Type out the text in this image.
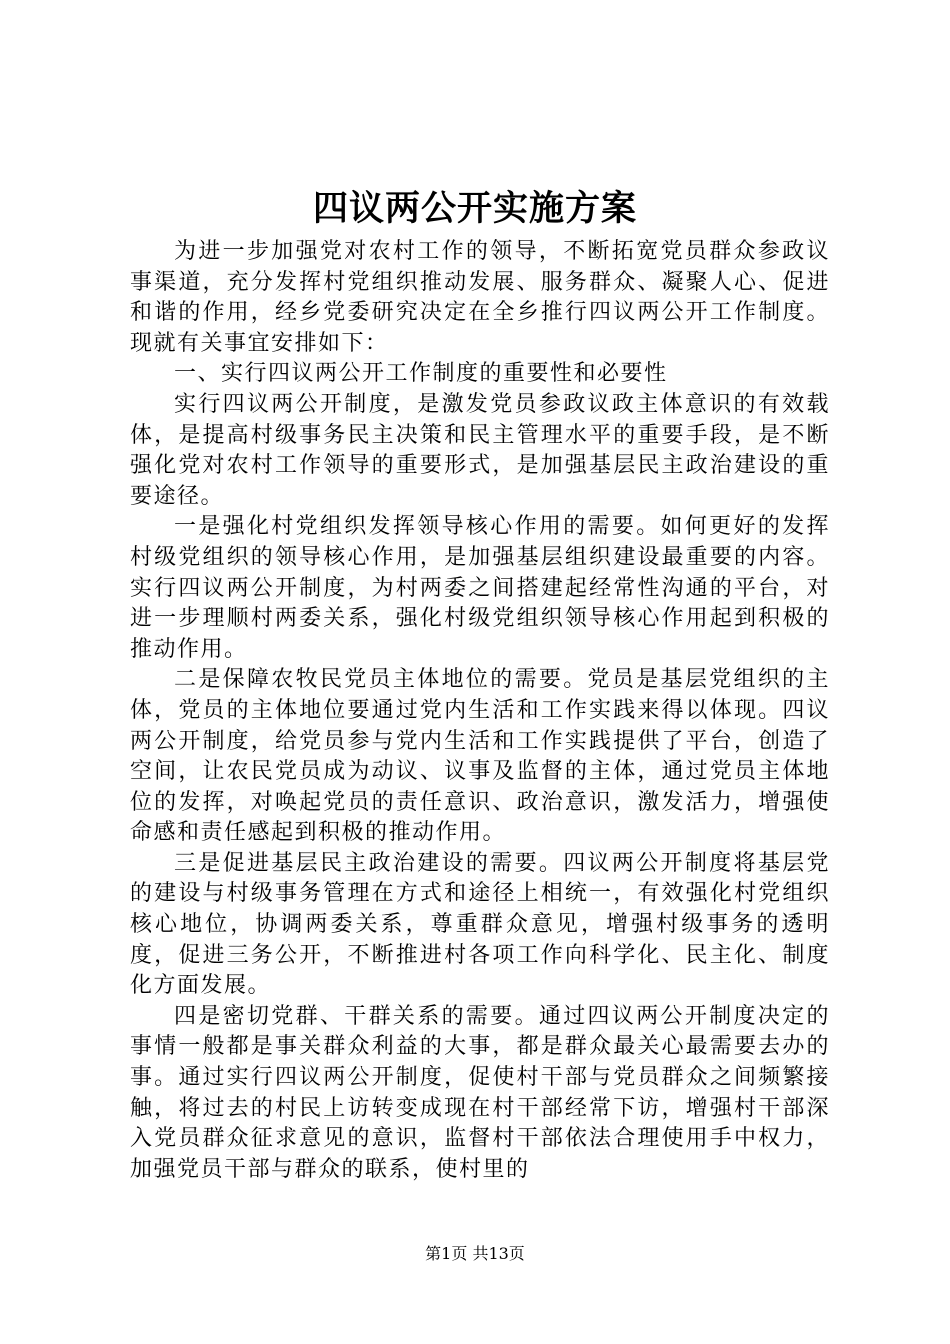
四议两公开实施方案

为进一步加强党对农村工作的领导，不断拓宽党员群众参政议事渠道，充分发挥村党组织推动发展、服务群众、凝聚人心、促进和谐的作用，经乡党委研究决定在全乡推行四议两公开工作制度。现就有关事宜安排如下：

一、实行四议两公开工作制度的重要性和必要性

实行四议两公开制度，是激发党员参政议政主体意识的有效载体，是提高村级事务民主决策和民主管理水平的重要手段，是不断强化党对农村工作领导的重要形式，是加强基层民主政治建设的重要途径。

一是强化村党组织发挥领导核心作用的需要。如何更好的发挥村级党组织的领导核心作用，是加强基层组织建设最重要的内容。实行四议两公开制度，为村两委之间搭建起经常性沟通的平台，对进一步理顺村两委关系，强化村级党组织领导核心作用起到积极的推动作用。

二是保障农牧民党员主体地位的需要。党员是基层党组织的主体，党员的主体地位要通过党内生活和工作实践来得以体现。四议两公开制度，给党员参与党内生活和工作实践提供了平台，创造了空间，让农民党员成为动议、议事及监督的主体，通过党员主体地位的发挥，对唤起党员的责任意识、政治意识，激发活力，增强使命感和责任感起到积极的推动作用。

三是促进基层民主政治建设的需要。四议两公开制度将基层党的建设与村级事务管理在方式和途径上相统一，有效强化村党组织核心地位，协调两委关系，尊重群众意见，增强村级事务的透明度，促进三务公开，不断推进村各项工作向科学化、民主化、制度化方面发展。

四是密切党群、干群关系的需要。通过四议两公开制度决定的事情一般都是事关群众利益的大事，都是群众最关心最需要去办的事。通过实行四议两公开制度，促使村干部与党员群众之间频繁接触，将过去的村民上访转变成现在村干部经常下访，增强村干部深入党员群众征求意见的意识，监督村干部依法合理使用手中权力，加强党员干部与群众的联系，使村里的

第1页 共13页
